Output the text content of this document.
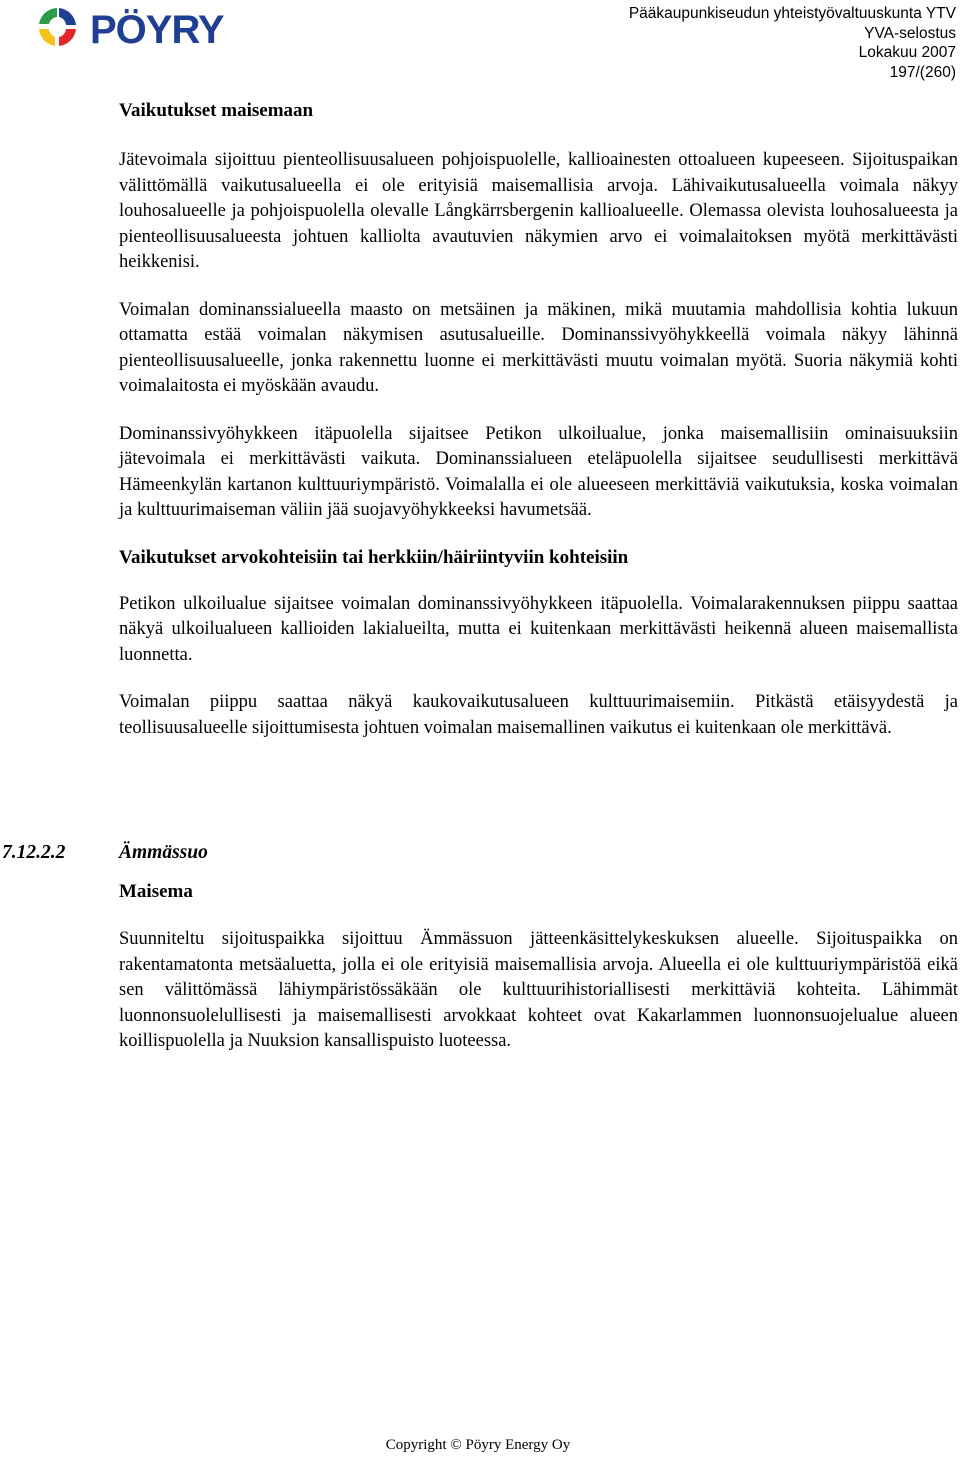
PÖYRY	Pääkaupunkiseudun yhteistyövaltuuskunta YTV
YVA-selostus
Lokakuu 2007
197/(260)
Vaikutukset maisemaan

Jätevoimala sijoittuu pienteollisuusalueen pohjoispuolelle, kallioainesten ottoalueen kupeeseen. Sijoituspaikan välittömällä vaikutusalueella ei ole erityisiä maisemallisia arvoja. Lähivaikutusalueella voimala näkyy louhosalueelle ja pohjoispuolella olevalle Långkärrsbergenin kallioalueelle. Olemassa olevista louhosalueesta ja pienteollisuusalueesta johtuen kalliolta avautuvien näkymien arvo ei voimalaitoksen myötä merkittävästi heikkenisi.

Voimalan dominanssialueella maasto on metsäinen ja mäkinen, mikä muutamia mahdollisia kohtia lukuun ottamatta estää voimalan näkymisen asutusalueille. Dominanssivyöhykkeellä voimala näkyy lähinnä pienteollisuusalueelle, jonka rakennettu luonne ei merkittävästi muutu voimalan myötä. Suoria näkymiä kohti voimalaitosta ei myöskään avaudu.

Dominanssivyöhykkeen itäpuolella sijaitsee Petikon ulkoilualue, jonka maisemallisiin ominaisuuksiin jätevoimala ei merkittävästi vaikuta. Dominanssialueen eteläpuolella sijaitsee seudullisesti merkittävä Hämeenkylän kartanon kulttuuriympäristö. Voimalalla ei ole alueeseen merkittäviä vaikutuksia, koska voimalan ja kulttuurimaiseman väliin jää suojavyöhykkeeksi havumetsää.

Vaikutukset arvokohteisiin tai herkkiin/häiriintyviin kohteisiin

Petikon ulkoilualue sijaitsee voimalan dominanssivyöhykkeen itäpuolella. Voimalarakennuksen piippu saattaa näkyä ulkoilualueen kallioiden lakialueilta, mutta ei kuitenkaan merkittävästi heikennä alueen maisemallista luonnetta.

Voimalan piippu saattaa näkyä kaukovaikutusalueen kulttuurimaisemiin. Pitkästä etäisyydestä ja teollisuusalueelle sijoittumisesta johtuen voimalan maisemallinen vaikutus ei kuitenkaan ole merkittävä.

7.12.2.2	Ämmässuo
Maisema

Suunniteltu sijoituspaikka sijoittuu Ämmässuon jätteenkäsittelykeskuksen alueelle. Sijoituspaikka on rakentamatonta metsäaluetta, jolla ei ole erityisiä maisemallisia arvoja. Alueella ei ole kulttuuriympäristöä eikä sen välittömässä lähiympäristössäkään ole kulttuurihistoriallisesti merkittäviä kohteita. Lähimmät luonnonsuolelullisesti ja maisemallisesti arvokkaat kohteet ovat Kakarlammen luonnonsuojelualue alueen koillispuolella ja Nuuksion kansallispuisto luoteessa.

Copyright © Pöyry Energy Oy
